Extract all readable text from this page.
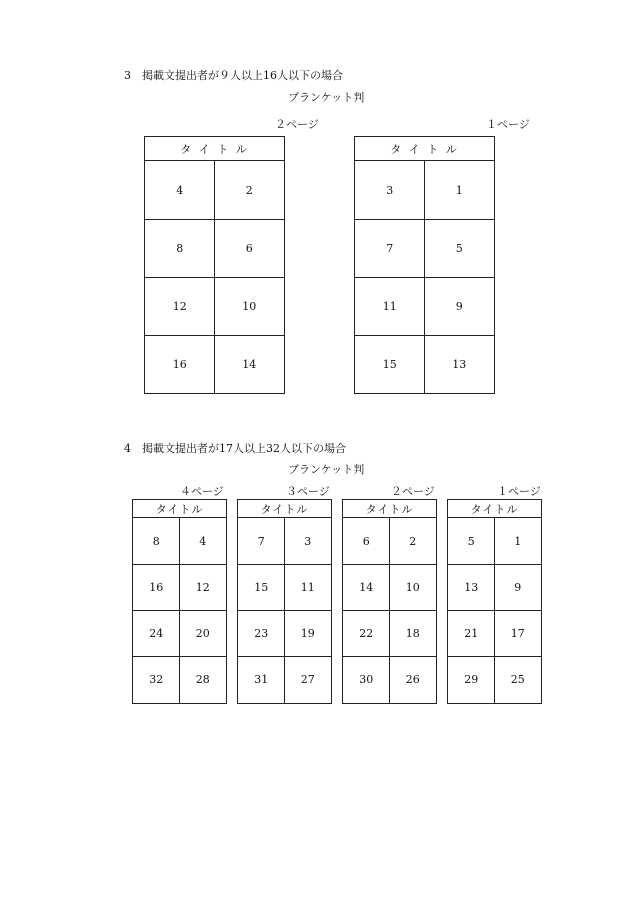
3　掲載文提出者が９人以上16人以下の場合
ブランケット判
２ページ	１ページ
タ イ ト ル
4	2
8	6
12	10
16	14
タ イ ト ル
3	1
7	5
11	9
15	13
4　掲載文提出者が17人以上32人以下の場合
ブランケット判
４ページ	３ページ	２ページ	１ページ
タイトル
8	4
16	12
24	20
32	28
タイトル
7	3
15	11
23	19
31	27
タイトル
6	2
14	10
22	18
30	26
タイトル
5	1
13	9
21	17
29	25
